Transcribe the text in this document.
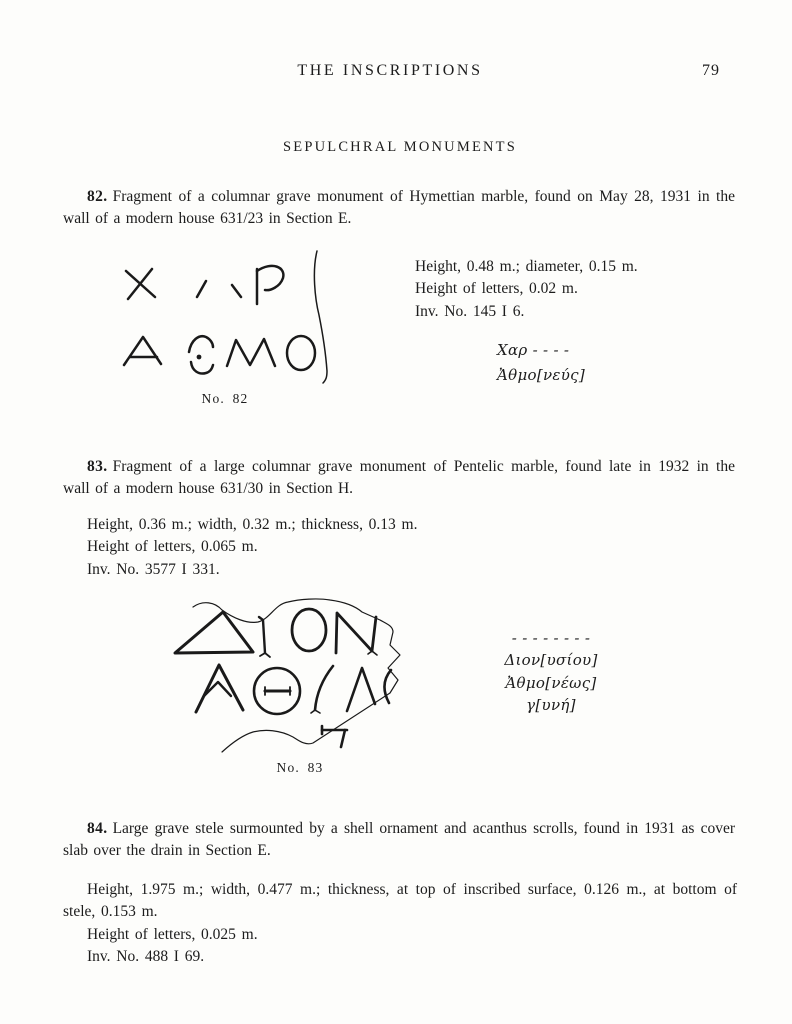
THE INSCRIPTIONS	79
SEPULCHRAL MONUMENTS
82. Fragment of a columnar grave monument of Hymettian marble, found on May 28, 1931 in the wall of a modern house 631/23 in Section E.
No. 82

Height, 0.48 m.; diameter, 0.15 m.

Height of letters, 0.02 m.

Inv. No. 145 I 6.

Χαρ - - - -

Ἀθμο[νεύς]

83. Fragment of a large columnar grave monument of Pentelic marble, found late in 1932 in the wall of a modern house 631/30 in Section H.

Height, 0.36 m.; width, 0.32 m.; thickness, 0.13 m.

Height of letters, 0.065 m.

Inv. No. 3577 I 331.

No. 83

- - - - - - - -

Διον[υσίου]

Ἀθμο[νέως]

γ[υνή]

84. Large grave stele surmounted by a shell ornament and acanthus scrolls, found in 1931 as cover slab over the drain in Section E.

Height, 1.975 m.; width, 0.477 m.; thickness, at top of inscribed surface, 0.126 m., at bottom of stele, 0.153 m.

Height of letters, 0.025 m.

Inv. No. 488 I 69.
